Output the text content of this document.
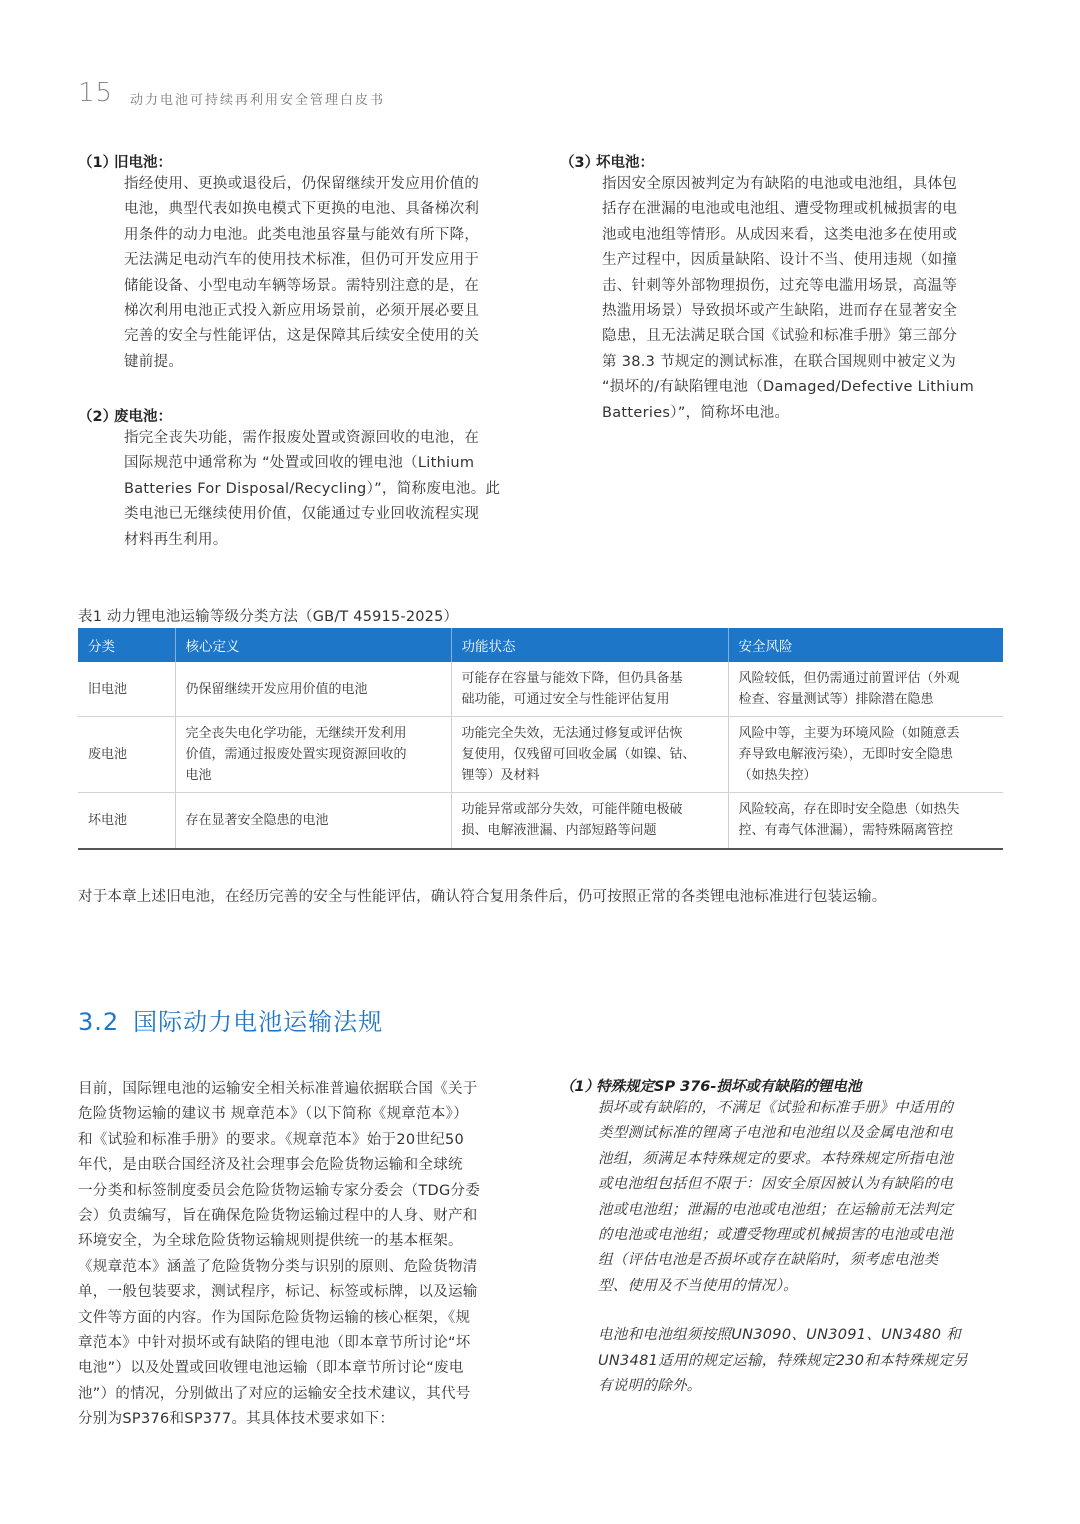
15 动力电池可持续再利用安全管理白皮书
（1）旧电池：
指经使用、更换或退役后，仍保留继续开发应用价值的
电池，典型代表如换电模式下更换的电池、具备梯次利
用条件的动力电池。此类电池虽容量与能效有所下降，
无法满足电动汽车的使用技术标准，但仍可开发应用于
储能设备、小型电动车辆等场景。需特别注意的是，在
梯次利用电池正式投入新应用场景前，必须开展必要且
完善的安全与性能评估，这是保障其后续安全使用的关
键前提。
（2）废电池：
指完全丧失功能，需作报废处置或资源回收的电池，在
国际规范中通常称为 “处置或回收的锂电池（Lithium
Batteries For Disposal/Recycling）”，简称废电池。此
类电池已无继续使用价值，仅能通过专业回收流程实现
材料再生利用。
（3）坏电池：
指因安全原因被判定为有缺陷的电池或电池组，具体包
括存在泄漏的电池或电池组、遭受物理或机械损害的电
池或电池组等情形。从成因来看，这类电池多在使用或
生产过程中，因质量缺陷、设计不当、使用违规（如撞
击、针刺等外部物理损伤，过充等电滥用场景，高温等
热滥用场景）导致损坏或产生缺陷，进而存在显著安全
隐患，且无法满足联合国《试验和标准手册》第三部分
第 38.3 节规定的测试标准，在联合国规则中被定义为
“损坏的/有缺陷锂电池（Damaged/Defective Lithium
Batteries）”，简称坏电池。
表1 动力锂电池运输等级分类方法（GB/T 45915-2025）
分类	核心定义	功能状态	安全风险
旧电池	仍保留继续开发应用价值的电池	可能存在容量与能效下降，但仍具备基
础功能，可通过安全与性能评估复用	风险较低，但仍需通过前置评估（外观
检查、容量测试等）排除潜在隐患

废电池	完全丧失电化学功能，无继续开发利用
价值，需通过报废处置实现资源回收的
电池	功能完全失效，无法通过修复或评估恢
复使用，仅残留可回收金属（如镍、钴、
锂等）及材料	风险中等，主要为环境风险（如随意丢
弃导致电解液污染），无即时安全隐患
（如热失控）

坏电池	存在显著安全隐患的电池	功能异常或部分失效，可能伴随电极破
损、电解液泄漏、内部短路等问题	风险较高，存在即时安全隐患（如热失
控、有毒气体泄漏），需特殊隔离管控
对于本章上述旧电池，在经历完善的安全与性能评估，确认符合复用条件后，仍可按照正常的各类锂电池标准进行包装运输。
3.2 国际动力电池运输法规
目前，国际锂电池的运输安全相关标准普遍依据联合国《关于
危险货物运输的建议书 规章范本》（以下简称《规章范本》）
和《试验和标准手册》的要求。《规章范本》始于20世纪50
年代，是由联合国经济及社会理事会危险货物运输和全球统
一分类和标签制度委员会危险货物运输专家分委会（TDG分委
会）负责编写，旨在确保危险货物运输过程中的人身、财产和
环境安全，为全球危险货物运输规则提供统一的基本框架。
《规章范本》涵盖了危险货物分类与识别的原则、危险货物清
单，一般包装要求，测试程序，标记、标签或标牌，以及运输
文件等方面的内容。作为国际危险货物运输的核心框架，《规
章范本》中针对损坏或有缺陷的锂电池（即本章节所讨论“坏
电池”）以及处置或回收锂电池运输（即本章节所讨论“废电
池”）的情况，分别做出了对应的运输安全技术建议，其代号
分别为SP376和SP377。其具体技术要求如下：
（1）特殊规定SP 376-损坏或有缺陷的锂电池
损坏或有缺陷的，不满足《试验和标准手册》中适用的
类型测试标准的锂离子电池和电池组以及金属电池和电
池组，须满足本特殊规定的要求。本特殊规定所指电池
或电池组包括但不限于：因安全原因被认为有缺陷的电
池或电池组；泄漏的电池或电池组；在运输前无法判定
的电池或电池组；或遭受物理或机械损害的电池或电池
组（评估电池是否损坏或存在缺陷时，须考虑电池类
型、使用及不当使用的情况）。
电池和电池组须按照UN3090、UN3091、UN3480 和
UN3481适用的规定运输，特殊规定230和本特殊规定另
有说明的除外。
